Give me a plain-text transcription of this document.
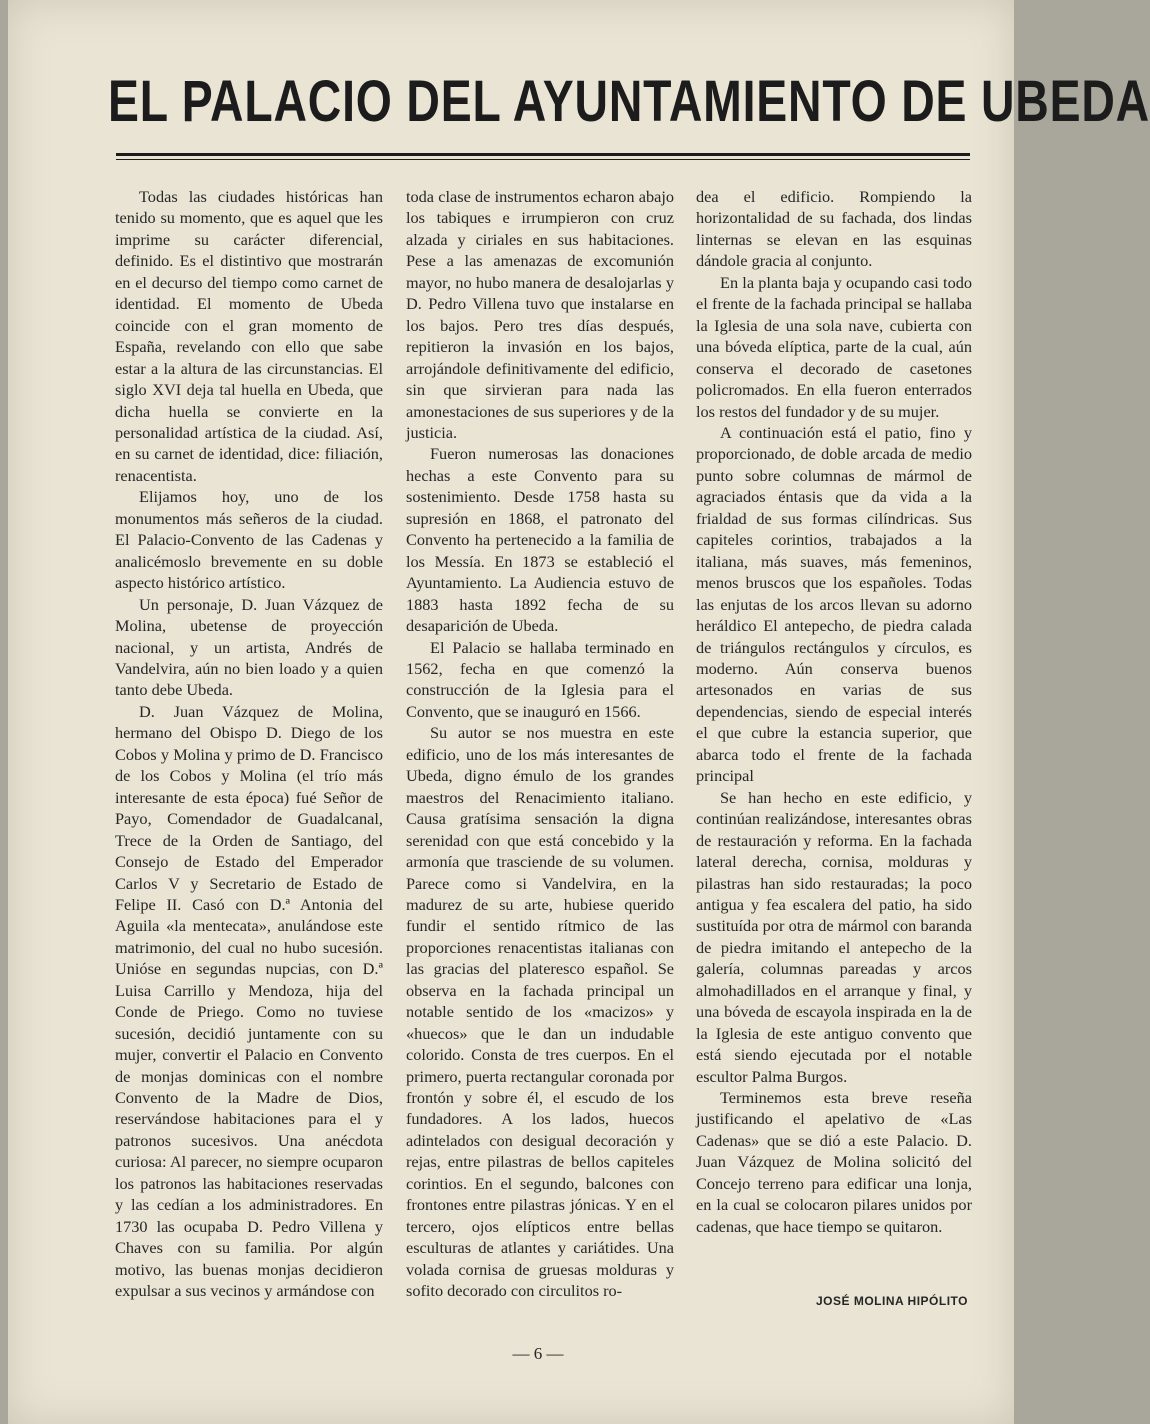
EL PALACIO DEL AYUNTAMIENTO DE UBEDA

Todas las ciudades históricas han tenido su momento, que es aquel que les imprime su carácter diferencial, definido. Es el distintivo que mostrarán en el decurso del tiempo como carnet de identidad. El momento de Ubeda coincide con el gran momento de España, revelando con ello que sabe estar a la altura de las circunstancias. El siglo XVI deja tal huella en Ubeda, que dicha huella se convierte en la personalidad artística de la ciudad. Así, en su carnet de identidad, dice: filiación, renacentista.

Elijamos hoy, uno de los monumentos más señeros de la ciudad. El Palacio-Convento de las Cadenas y analicémoslo brevemente en su doble aspecto histórico artístico.

Un personaje, D. Juan Vázquez de Molina, ubetense de proyección nacional, y un artista, Andrés de Vandelvira, aún no bien loado y a quien tanto debe Ubeda.

D. Juan Vázquez de Molina, hermano del Obispo D. Diego de los Cobos y Molina y primo de D. Francisco de los Cobos y Molina (el trío más interesante de esta época) fué Señor de Payo, Comendador de Guadalcanal, Trece de la Orden de Santiago, del Consejo de Estado del Emperador Carlos V y Secretario de Estado de Felipe II. Casó con D.ª Antonia del Aguila «la mentecata», anulándose este matrimonio, del cual no hubo sucesión. Unióse en segundas nupcias, con D.ª Luisa Carrillo y Mendoza, hija del Conde de Priego. Como no tuviese sucesión, decidió juntamente con su mujer, convertir el Palacio en Convento de monjas dominicas con el nombre Convento de la Madre de Dios, reservándose habitaciones para el y patronos sucesivos. Una anécdota curiosa: Al parecer, no siempre ocuparon los patronos las habitaciones reservadas y las cedían a los administradores. En 1730 las ocupaba D. Pedro Villena y Chaves con su familia. Por algún motivo, las buenas monjas decidieron expulsar a sus vecinos y armándose con

toda clase de instrumentos echaron abajo los tabiques e irrumpieron con cruz alzada y ciriales en sus habitaciones. Pese a las amenazas de excomunión mayor, no hubo manera de desalojarlas y D. Pedro Villena tuvo que instalarse en los bajos. Pero tres días después, repitieron la invasión en los bajos, arrojándole definitivamente del edificio, sin que sirvieran para nada las amonestaciones de sus superiores y de la justicia.

Fueron numerosas las donaciones hechas a este Convento para su sostenimiento. Desde 1758 hasta su supresión en 1868, el patronato del Convento ha pertenecido a la familia de los Messía. En 1873 se estableció el Ayuntamiento. La Audiencia estuvo de 1883 hasta 1892 fecha de su desaparición de Ubeda.

El Palacio se hallaba terminado en 1562, fecha en que comenzó la construcción de la Iglesia para el Convento, que se inauguró en 1566.

Su autor se nos muestra en este edificio, uno de los más interesantes de Ubeda, digno émulo de los grandes maestros del Renacimiento italiano. Causa gratísima sensación la digna serenidad con que está concebido y la armonía que trasciende de su volumen. Parece como si Vandelvira, en la madurez de su arte, hubiese querido fundir el sentido rítmico de las proporciones renacentistas italianas con las gracias del plateresco español. Se observa en la fachada principal un notable sentido de los «macizos» y «huecos» que le dan un indudable colorido. Consta de tres cuerpos. En el primero, puerta rectangular coronada por frontón y sobre él, el escudo de los fundadores. A los lados, huecos adintelados con desigual decoración y rejas, entre pilastras de bellos capiteles corintios. En el segundo, balcones con frontones entre pilastras jónicas. Y en el tercero, ojos elípticos entre bellas esculturas de atlantes y cariátides. Una volada cornisa de gruesas molduras y sofito decorado con circulitos ro-

dea el edificio. Rompiendo la horizontalidad de su fachada, dos lindas linternas se elevan en las esquinas dándole gracia al conjunto.

En la planta baja y ocupando casi todo el frente de la fachada principal se hallaba la Iglesia de una sola nave, cubierta con una bóveda elíptica, parte de la cual, aún conserva el decorado de casetones policromados. En ella fueron enterrados los restos del fundador y de su mujer.

A continuación está el patio, fino y proporcionado, de doble arcada de medio punto sobre columnas de mármol de agraciados éntasis que da vida a la frialdad de sus formas cilíndricas. Sus capiteles corintios, trabajados a la italiana, más suaves, más femeninos, menos bruscos que los españoles. Todas las enjutas de los arcos llevan su adorno heráldico El antepecho, de piedra calada de triángulos rectángulos y círculos, es moderno. Aún conserva buenos artesonados en varias de sus dependencias, siendo de especial interés el que cubre la estancia superior, que abarca todo el frente de la fachada principal

Se han hecho en este edificio, y continúan realizándose, interesantes obras de restauración y reforma. En la fachada lateral derecha, cornisa, molduras y pilastras han sido restauradas; la poco antigua y fea escalera del patio, ha sido sustituída por otra de mármol con baranda de piedra imitando el antepecho de la galería, columnas pareadas y arcos almohadillados en el arranque y final, y una bóveda de escayola inspirada en la de la Iglesia de este antiguo convento que está siendo ejecutada por el notable escultor Palma Burgos.

Terminemos esta breve reseña justificando el apelativo de «Las Cadenas» que se dió a este Palacio. D. Juan Vázquez de Molina solicitó del Concejo terreno para edificar una lonja, en la cual se colocaron pilares unidos por cadenas, que hace tiempo se quitaron.

JOSÉ MOLINA HIPÓLITO
— 6 —
